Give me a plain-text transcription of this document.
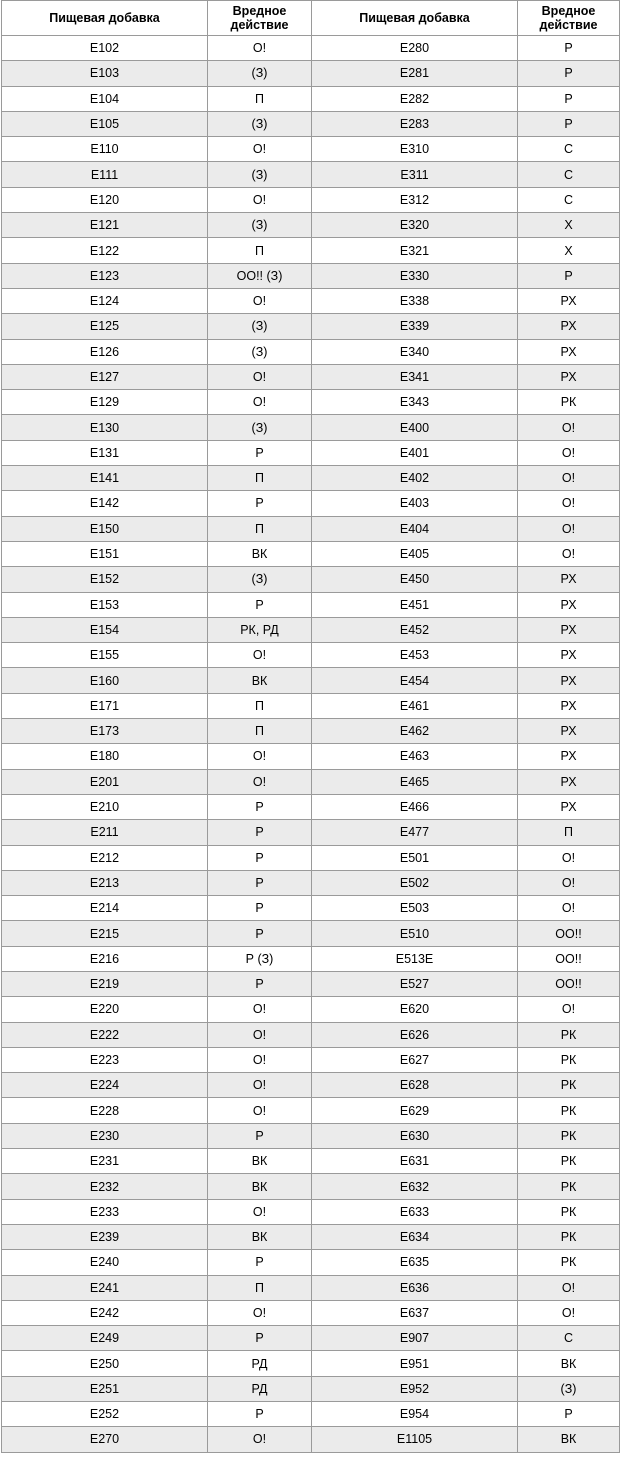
Пищевая добавка	Вредное действие	Пищевая добавка	Вредное действие
Е102	О!	Е280	Р
Е103	(З)	Е281	Р
Е104	П	Е282	Р
Е105	(З)	Е283	Р
Е110	О!	Е310	С
Е111	(З)	Е311	С
Е120	О!	Е312	С
Е121	(З)	Е320	Х
Е122	П	Е321	Х
Е123	ОО!! (З)	Е330	Р
Е124	О!	Е338	РХ
Е125	(З)	Е339	РХ
Е126	(З)	Е340	РХ
Е127	О!	Е341	РХ
Е129	О!	Е343	РК
Е130	(З)	Е400	О!
Е131	Р	Е401	О!
Е141	П	Е402	О!
Е142	Р	Е403	О!
Е150	П	Е404	О!
Е151	ВК	Е405	О!
Е152	(З)	Е450	РХ
Е153	Р	Е451	РХ
Е154	РК, РД	Е452	РХ
Е155	О!	Е453	РХ
Е160	ВК	Е454	РХ
Е171	П	Е461	РХ
Е173	П	Е462	РХ
Е180	О!	Е463	РХ
Е201	О!	Е465	РХ
Е210	Р	Е466	РХ
Е211	Р	Е477	П
Е212	Р	Е501	О!
Е213	Р	Е502	О!
Е214	Р	Е503	О!
Е215	Р	Е510	ОО!!
Е216	Р (З)	Е513Е	ОО!!
Е219	Р	Е527	ОО!!
Е220	О!	Е620	О!
Е222	О!	Е626	РК
Е223	О!	Е627	РК
Е224	О!	Е628	РК
Е228	О!	Е629	РК
Е230	Р	Е630	РК
Е231	ВК	Е631	РК
Е232	ВК	Е632	РК
Е233	О!	Е633	РК
Е239	ВК	Е634	РК
Е240	Р	Е635	РК
Е241	П	Е636	О!
Е242	О!	Е637	О!
Е249	Р	Е907	С
Е250	РД	Е951	ВК
Е251	РД	Е952	(З)
Е252	Р	Е954	Р
Е270	О!	Е1105	ВК
